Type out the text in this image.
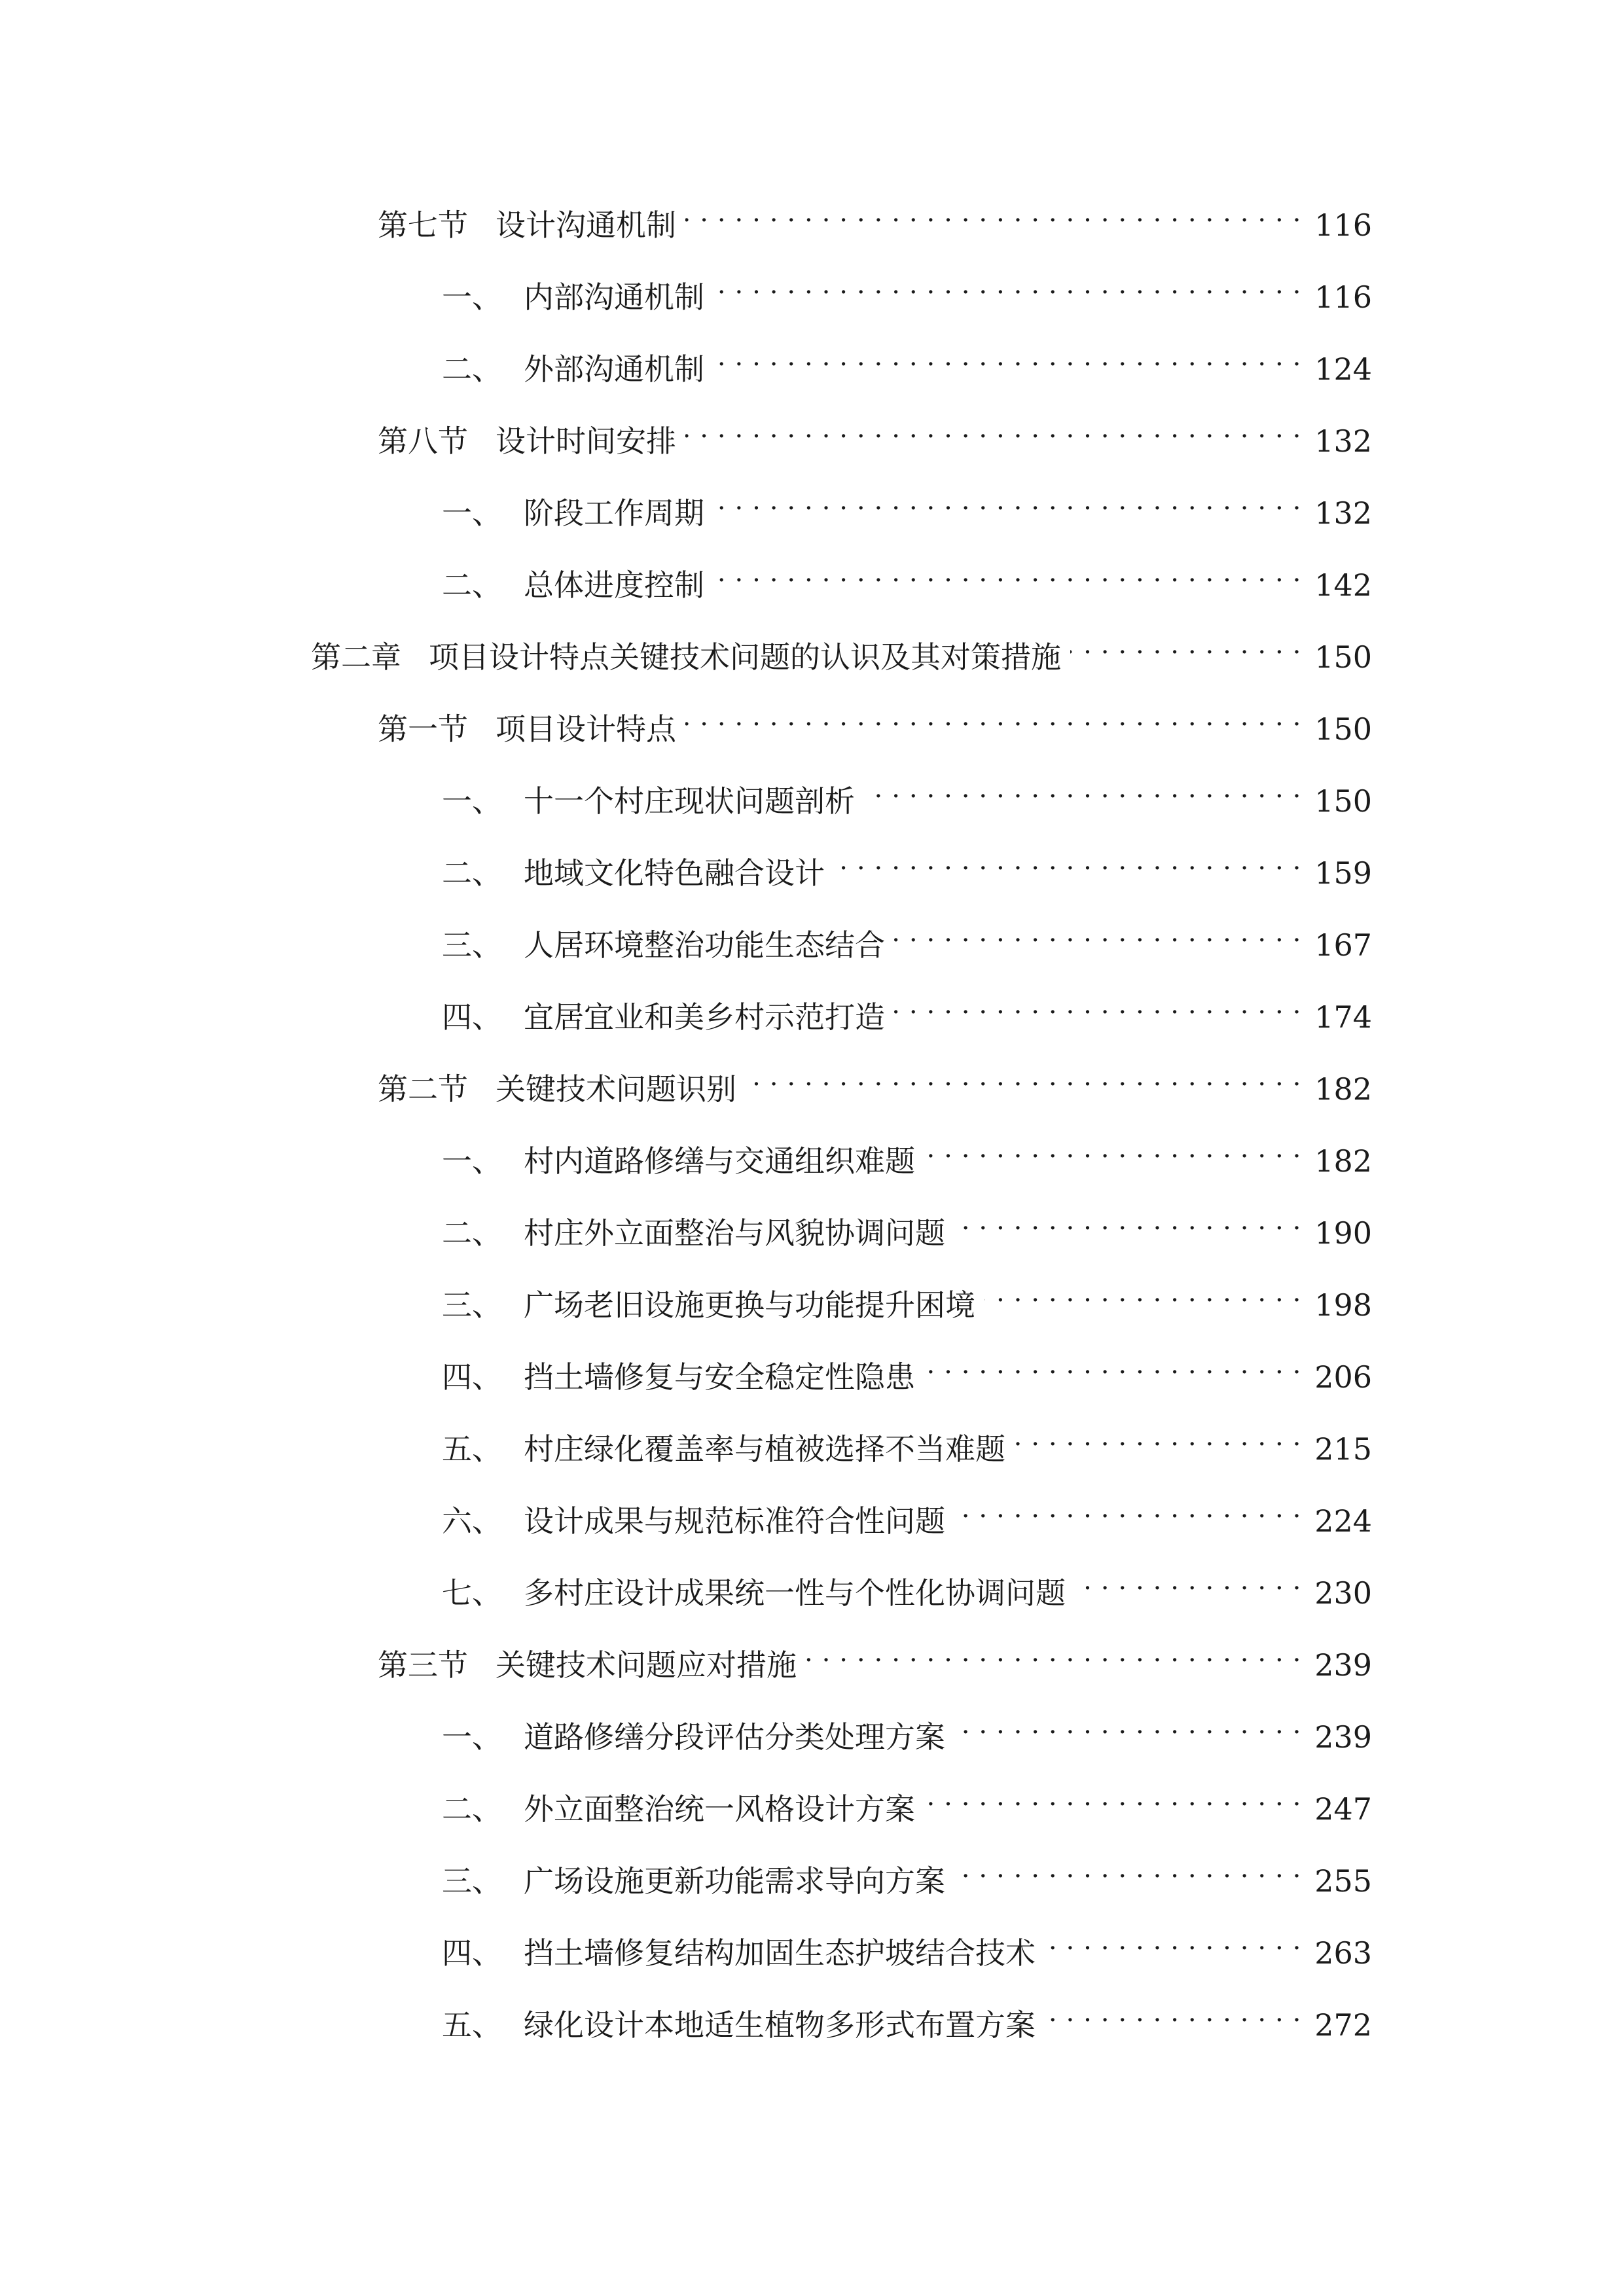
第七节 设计沟通机制 . . .	116
一、 内部沟通机制 . . .	116
二、 外部沟通机制 . . .	124
第八节 设计时间安排 . . .	132
一、 阶段工作周期 . . .	132
二、 总体进度控制 . . .	142
第二章 项目设计特点关键技术问题的认识及其对策措施 . . .	150
第一节 项目设计特点 . . .	150
一、 十一个村庄现状问题剖析 . . .	150
二、 地域文化特色融合设计 . . .	159
三、 人居环境整治功能生态结合 . . .	167
四、 宜居宜业和美乡村示范打造 . . .	174
第二节 关键技术问题识别 . . .	182
一、 村内道路修缮与交通组织难题 . . .	182
二、 村庄外立面整治与风貌协调问题 . . .	190
三、 广场老旧设施更换与功能提升困境 . . .	198
四、 挡土墙修复与安全稳定性隐患 . . .	206
五、 村庄绿化覆盖率与植被选择不当难题 . . .	215
六、 设计成果与规范标准符合性问题 . . .	224
七、 多村庄设计成果统一性与个性化协调问题 . . .	230
第三节 关键技术问题应对措施 . . .	239
一、 道路修缮分段评估分类处理方案 . . .	239
二、 外立面整治统一风格设计方案 . . .	247
三、 广场设施更新功能需求导向方案 . . .	255
四、 挡土墙修复结构加固生态护坡结合技术 . . .	263
五、 绿化设计本地适生植物多形式布置方案 . . .	272
